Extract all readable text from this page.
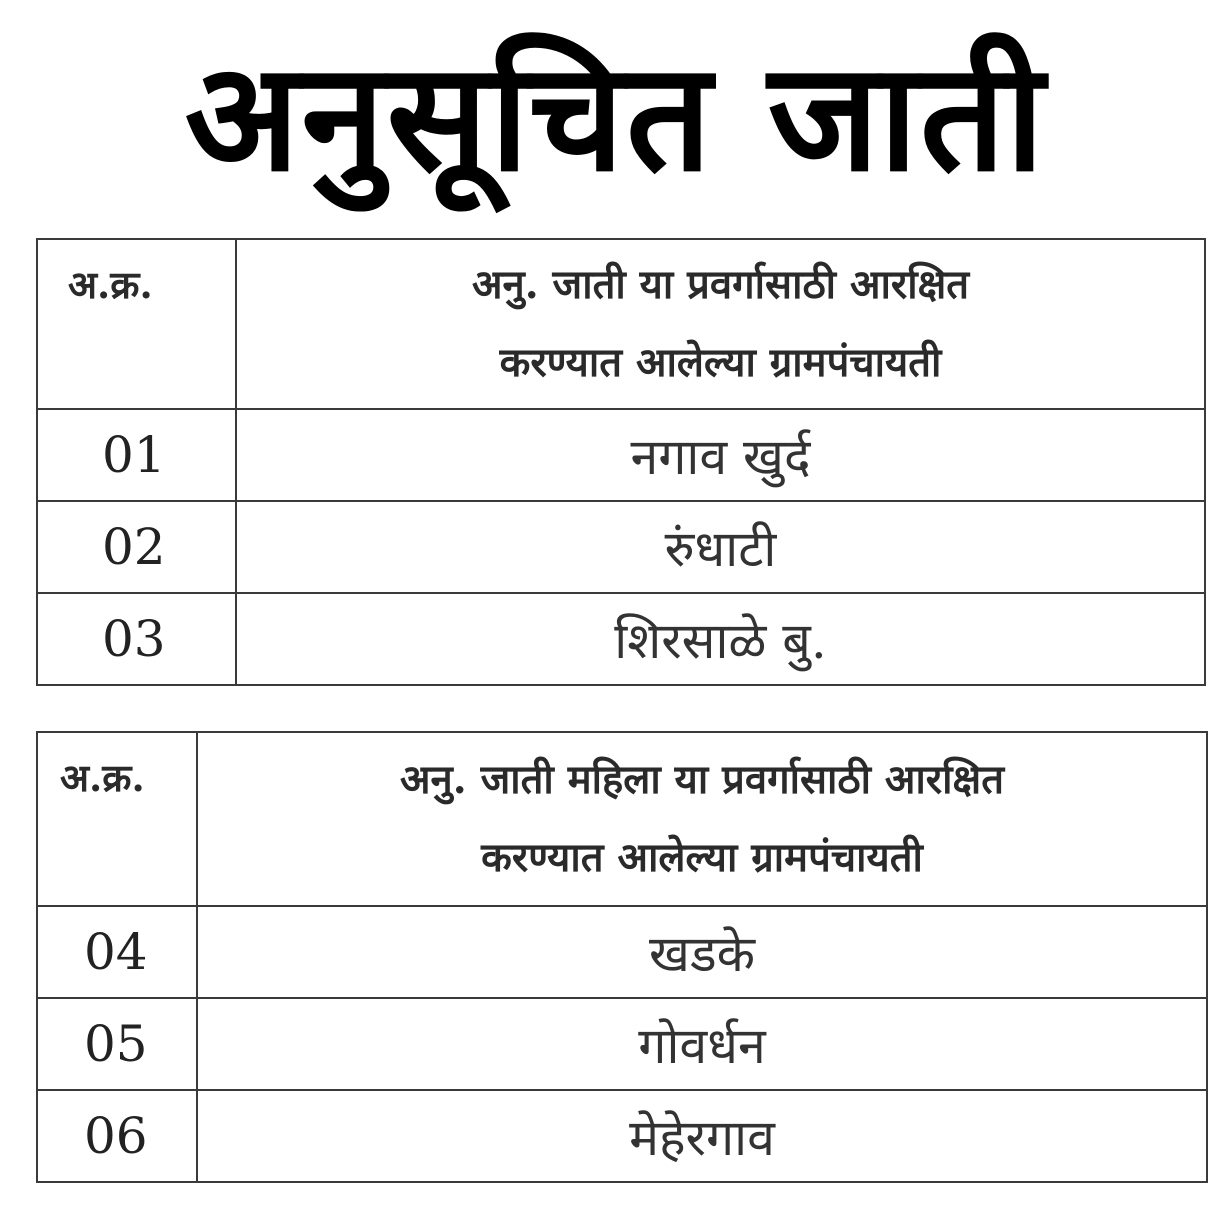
अनुसूचित जाती
अ.क्र.	अनु. जाती या प्रवर्गासाठी आरक्षित
करण्यात आलेल्या ग्रामपंचायती

01	नगाव खुर्द
02	रुंधाटी
03	शिरसाळे बु.
अ.क्र.	अनु. जाती महिला या प्रवर्गासाठी आरक्षित
करण्यात आलेल्या ग्रामपंचायती

04	खडके
05	गोवर्धन
06	मेहेरगाव
